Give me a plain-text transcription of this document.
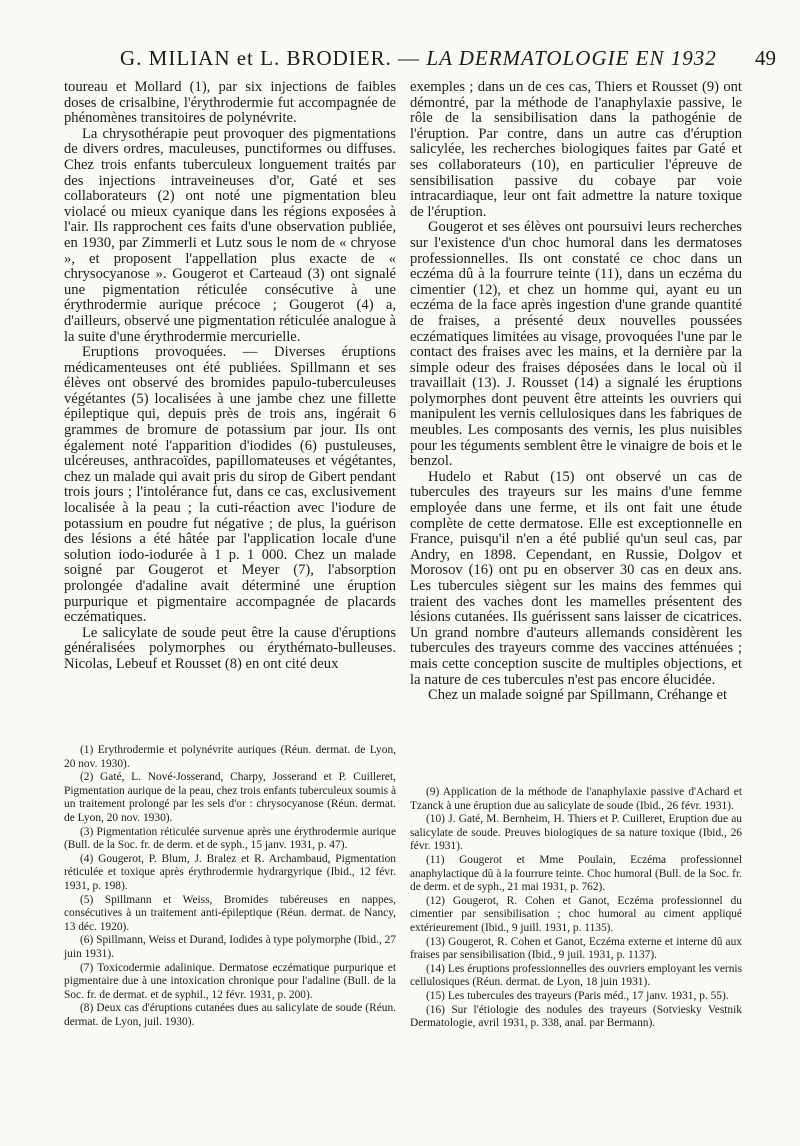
G. MILIAN et L. BRODIER. — LA DERMATOLOGIE EN 1932 49

toureau et Mollard (1), par six injections de faibles doses de crisalbine, l'érythrodermie fut accompagnée de phénomènes transitoires de polynévrite.

La chrysothérapie peut provoquer des pigmentations de divers ordres, maculeuses, punctiformes ou diffuses. Chez trois enfants tuberculeux longuement traités par des injections intraveineuses d'or, Gaté et ses collaborateurs (2) ont noté une pigmentation bleu violacé ou mieux cyanique dans les régions exposées à l'air. Ils rapprochent ces faits d'une observation publiée, en 1930, par Zimmerli et Lutz sous le nom de « chryose », et proposent l'appellation plus exacte de « chrysocyanose ». Gougerot et Carteaud (3) ont signalé une pigmentation réticulée consécutive à une érythrodermie aurique précoce ; Gougerot (4) a, d'ailleurs, observé une pigmentation réticulée analogue à la suite d'une érythrodermie mercurielle.

Eruptions provoquées. — Diverses éruptions médicamenteuses ont été publiées. Spillmann et ses élèves ont observé des bromides papulo-tuberculeuses végétantes (5) localisées à une jambe chez une fillette épileptique qui, depuis près de trois ans, ingérait 6 grammes de bromure de potassium par jour. Ils ont également noté l'apparition d'iodides (6) pustuleuses, ulcéreuses, anthracoïdes, papillomateuses et végétantes, chez un malade qui avait pris du sirop de Gibert pendant trois jours ; l'intolérance fut, dans ce cas, exclusivement localisée à la peau ; la cuti-réaction avec l'iodure de potassium en poudre fut négative ; de plus, la guérison des lésions a été hâtée par l'application locale d'une solution iodo-iodurée à 1 p. 1 000. Chez un malade soigné par Gougerot et Meyer (7), l'absorption prolongée d'adaline avait déterminé une éruption purpurique et pigmentaire accompagnée de placards eczématiques.

Le salicylate de soude peut être la cause d'éruptions généralisées polymorphes ou érythémato-bulleuses. Nicolas, Lebeuf et Rousset (8) en ont cité deux

exemples ; dans un de ces cas, Thiers et Rousset (9) ont démontré, par la méthode de l'anaphylaxie passive, le rôle de la sensibilisation dans la pathogénie de l'éruption. Par contre, dans un autre cas d'éruption salicylée, les recherches biologiques faites par Gaté et ses collaborateurs (10), en particulier l'épreuve de sensibilisation passive du cobaye par voie intracardiaque, leur ont fait admettre la nature toxique de l'éruption.

Gougerot et ses élèves ont poursuivi leurs recherches sur l'existence d'un choc humoral dans les dermatoses professionnelles. Ils ont constaté ce choc dans un eczéma dû à la fourrure teinte (11), dans un eczéma du cimentier (12), et chez un homme qui, ayant eu un eczéma de la face après ingestion d'une grande quantité de fraises, a présenté deux nouvelles poussées eczématiques limitées au visage, provoquées l'une par le contact des fraises avec les mains, et la dernière par la simple odeur des fraises déposées dans le local où il travaillait (13). J. Rousset (14) a signalé les éruptions polymorphes dont peuvent être atteints les ouvriers qui manipulent les vernis cellulosiques dans les fabriques de meubles. Les composants des vernis, les plus nuisibles pour les téguments semblent être le vinaigre de bois et le benzol.

Hudelo et Rabut (15) ont observé un cas de tubercules des trayeurs sur les mains d'une femme employée dans une ferme, et ils ont fait une étude complète de cette dermatose. Elle est exceptionnelle en France, puisqu'il n'en a été publié qu'un seul cas, par Andry, en 1898. Cependant, en Russie, Dolgov et Morosov (16) ont pu en observer 30 cas en deux ans. Les tubercules siègent sur les mains des femmes qui traient des vaches dont les mamelles présentent des lésions cutanées. Ils guérissent sans laisser de cicatrices. Un grand nombre d'auteurs allemands considèrent les tubercules des trayeurs comme des vaccines atténuées ; mais cette conception suscite de multiples objections, et la nature de ces tubercules n'est pas encore élucidée.

Chez un malade soigné par Spillmann, Créhange et

(1) Erythrodermie et polynévrite auriques (Réun. dermat. de Lyon, 20 nov. 1930).

(2) Gaté, L. Nové-Josserand, Charpy, Josserand et P. Cuilleret, Pigmentation aurique de la peau, chez trois enfants tuberculeux soumis à un traitement prolongé par les sels d'or : chrysocyanose (Réun. dermat. de Lyon, 20 nov. 1930).

(3) Pigmentation réticulée survenue après une érythrodermie aurique (Bull. de la Soc. fr. de derm. et de syph., 15 janv. 1931, p. 47).

(4) Gougerot, P. Blum, J. Bralez et R. Archambaud, Pigmentation réticulée et toxique après érythrodermie hydrargyrique (Ibid., 12 févr. 1931, p. 198).

(5) Spillmann et Weiss, Bromides tubéreuses en nappes, consécutives à un traitement anti-épileptique (Réun. dermat. de Nancy, 13 déc. 1920).

(6) Spillmann, Weiss et Durand, Iodides à type polymorphe (Ibid., 27 juin 1931).

(7) Toxicodermie adalinique. Dermatose eczématique purpurique et pigmentaire due à une intoxication chronique pour l'adaline (Bull. de la Soc. fr. de dermat. et de syphil., 12 févr. 1931, p. 200).

(8) Deux cas d'éruptions cutanées dues au salicylate de soude (Réun. dermat. de Lyon, juil. 1930).

(9) Application de la méthode de l'anaphylaxie passive d'Achard et Tzanck à une éruption due au salicylate de soude (Ibid., 26 févr. 1931).

(10) J. Gaté, M. Bernheim, H. Thiers et P. Cuilleret, Eruption due au salicylate de soude. Preuves biologiques de sa nature toxique (Ibid., 26 févr. 1931).

(11) Gougerot et Mme Poulain, Eczéma professionnel anaphylactique dû à la fourrure teinte. Choc humoral (Bull. de la Soc. fr. de derm. et de syph., 21 mai 1931, p. 762).

(12) Gougerot, R. Cohen et Ganot, Eczéma professionnel du cimentier par sensibilisation ; choc humoral au ciment appliqué extérieurement (Ibid., 9 juill. 1931, p. 1135).

(13) Gougerot, R. Cohen et Ganot, Eczéma externe et interne dû aux fraises par sensibilisation (Ibid., 9 juil. 1931, p. 1137).

(14) Les éruptions professionnelles des ouvriers employant les vernis cellulosiques (Réun. dermat. de Lyon, 18 juin 1931).

(15) Les tubercules des trayeurs (Paris méd., 17 janv. 1931, p. 55).

(16) Sur l'étiologie des nodules des trayeurs (Sotviesky Vestnik Dermatologie, avril 1931, p. 338, anal. par Bermann).
